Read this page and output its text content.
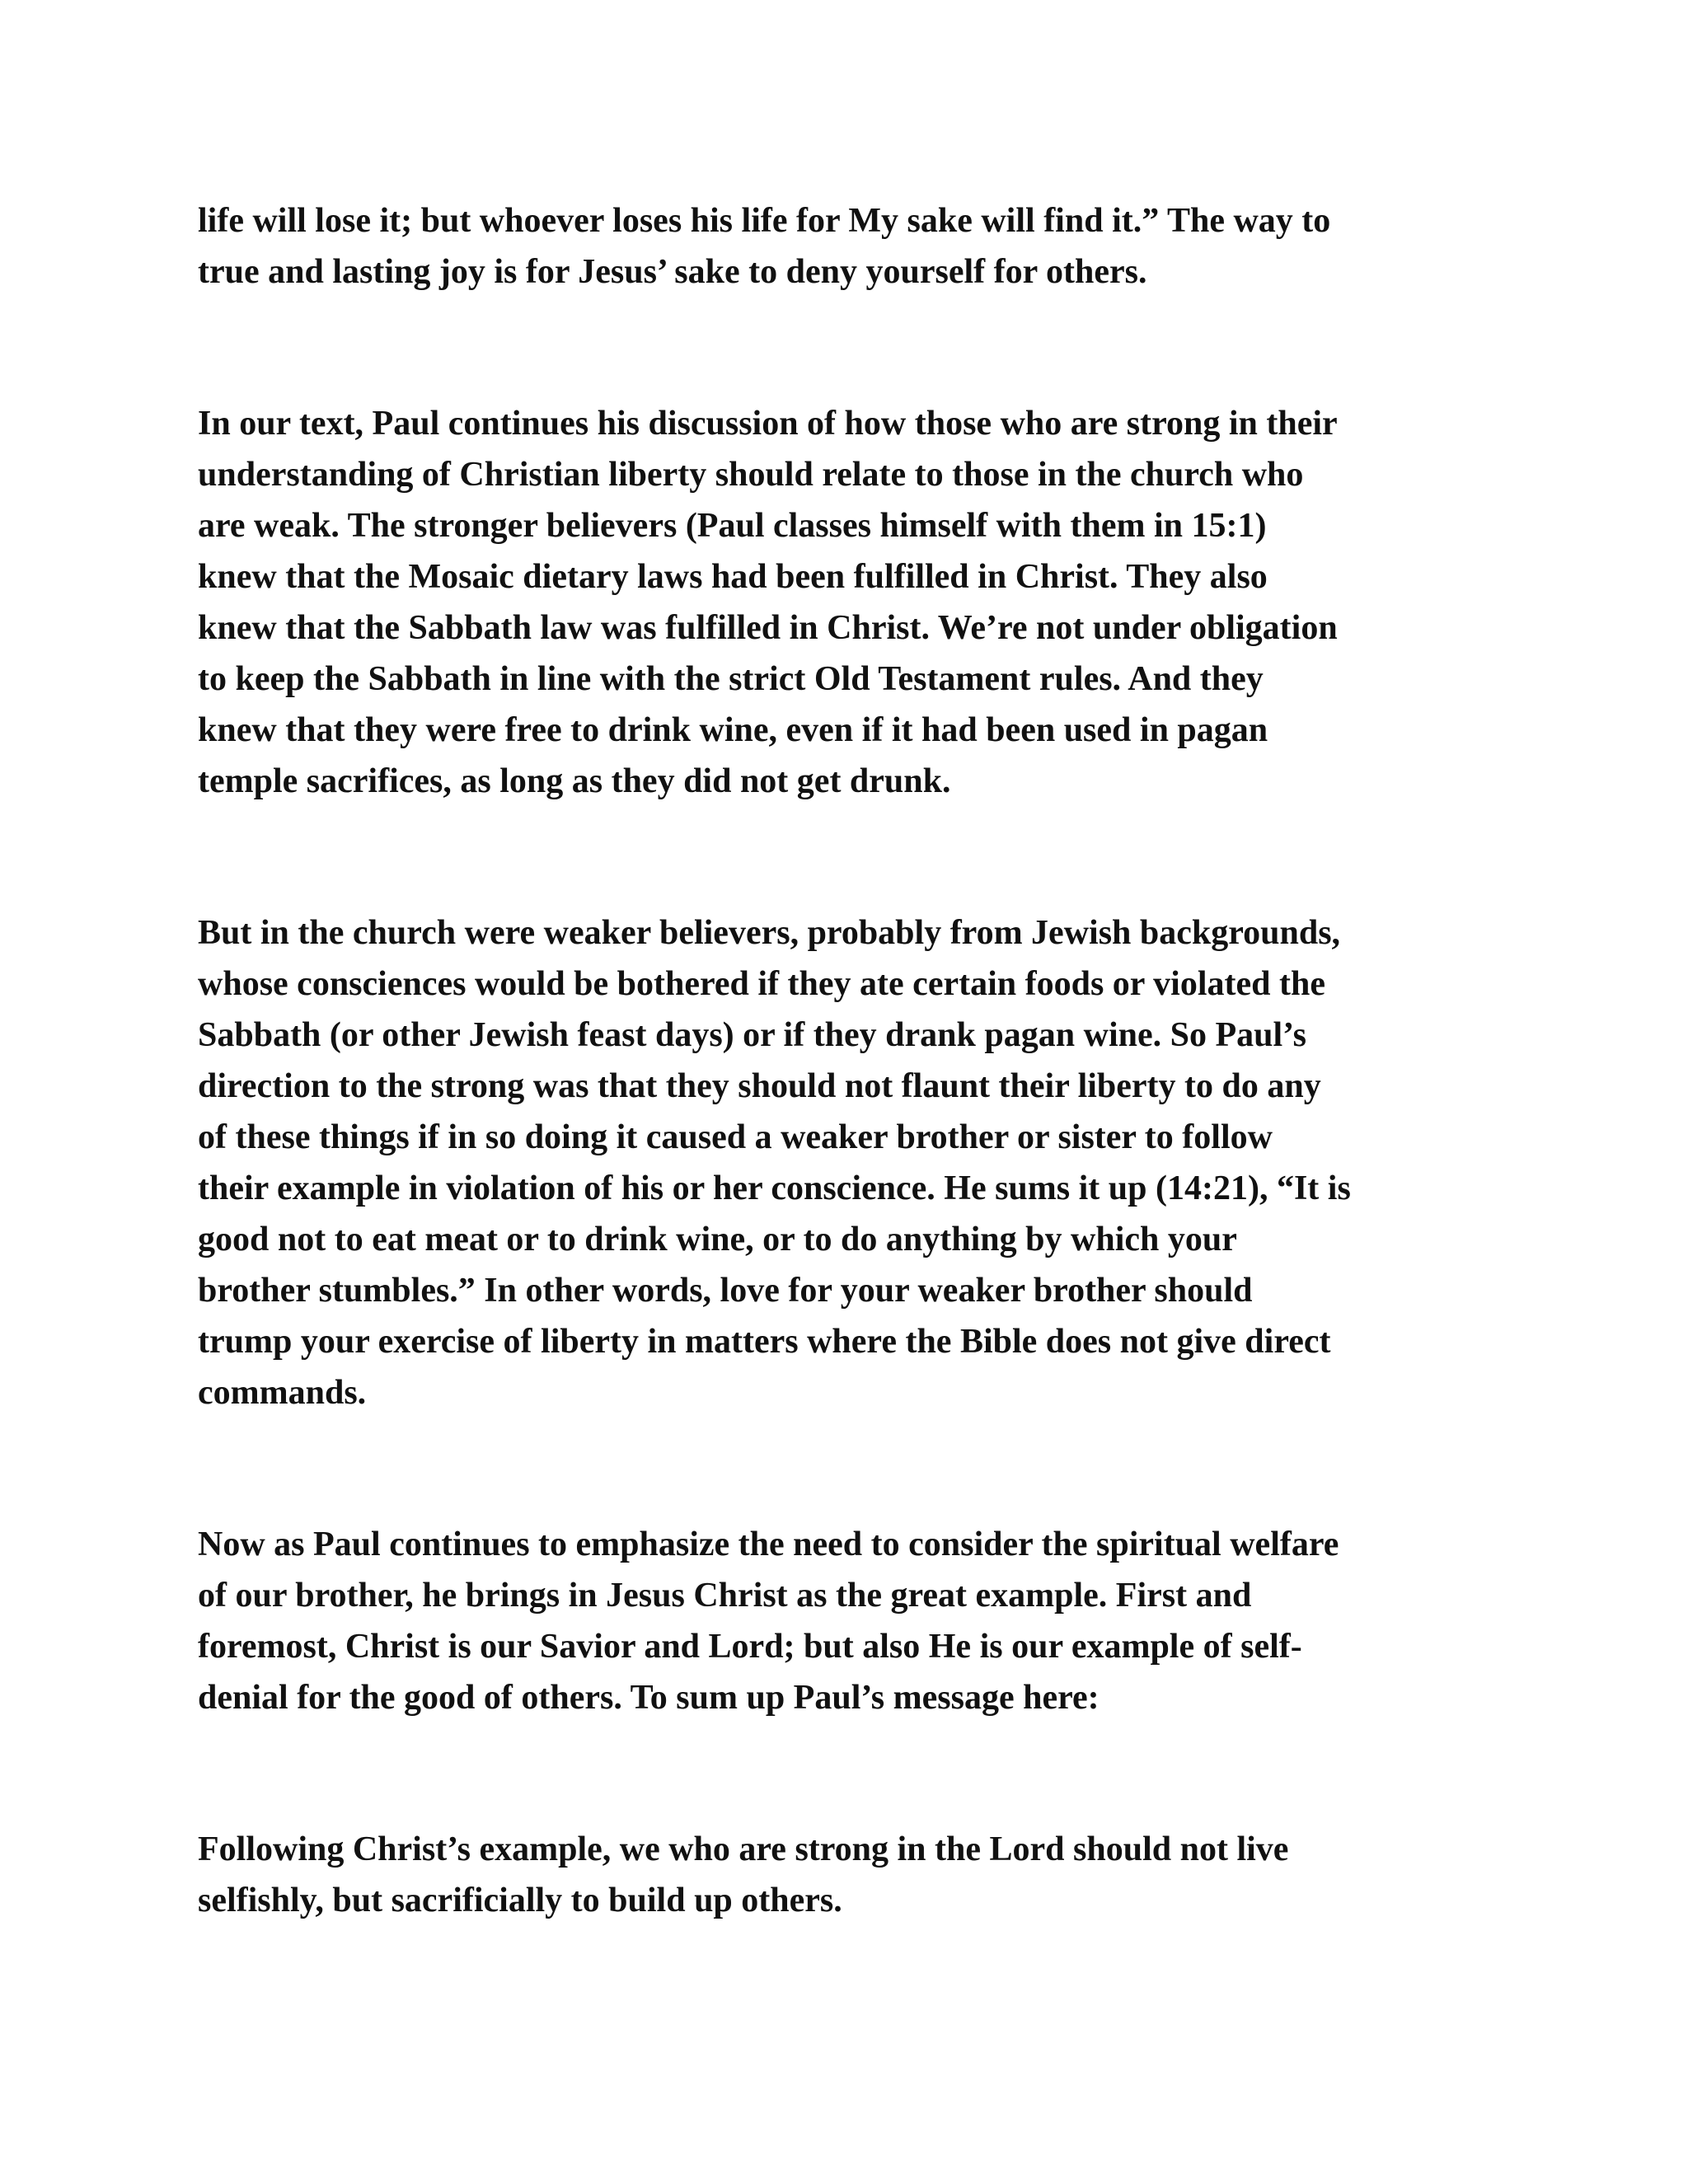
life will lose it; but whoever loses his life for My sake will find it.” The way to
true and lasting joy is for Jesus’ sake to deny yourself for others.

In our text, Paul continues his discussion of how those who are strong in their
understanding of Christian liberty should relate to those in the church who
are weak. The stronger believers (Paul classes himself with them in 15:1)
knew that the Mosaic dietary laws had been fulfilled in Christ. They also
knew that the Sabbath law was fulfilled in Christ. We’re not under obligation
to keep the Sabbath in line with the strict Old Testament rules. And they
knew that they were free to drink wine, even if it had been used in pagan
temple sacrifices, as long as they did not get drunk.

But in the church were weaker believers, probably from Jewish backgrounds,
whose consciences would be bothered if they ate certain foods or violated the
Sabbath (or other Jewish feast days) or if they drank pagan wine. So Paul’s
direction to the strong was that they should not flaunt their liberty to do any
of these things if in so doing it caused a weaker brother or sister to follow
their example in violation of his or her conscience. He sums it up (14:21), “It is
good not to eat meat or to drink wine, or to do anything by which your
brother stumbles.” In other words, love for your weaker brother should
trump your exercise of liberty in matters where the Bible does not give direct
commands.

Now as Paul continues to emphasize the need to consider the spiritual welfare
of our brother, he brings in Jesus Christ as the great example. First and
foremost, Christ is our Savior and Lord; but also He is our example of self-
denial for the good of others. To sum up Paul’s message here:

Following Christ’s example, we who are strong in the Lord should not live
selfishly, but sacrificially to build up others.
